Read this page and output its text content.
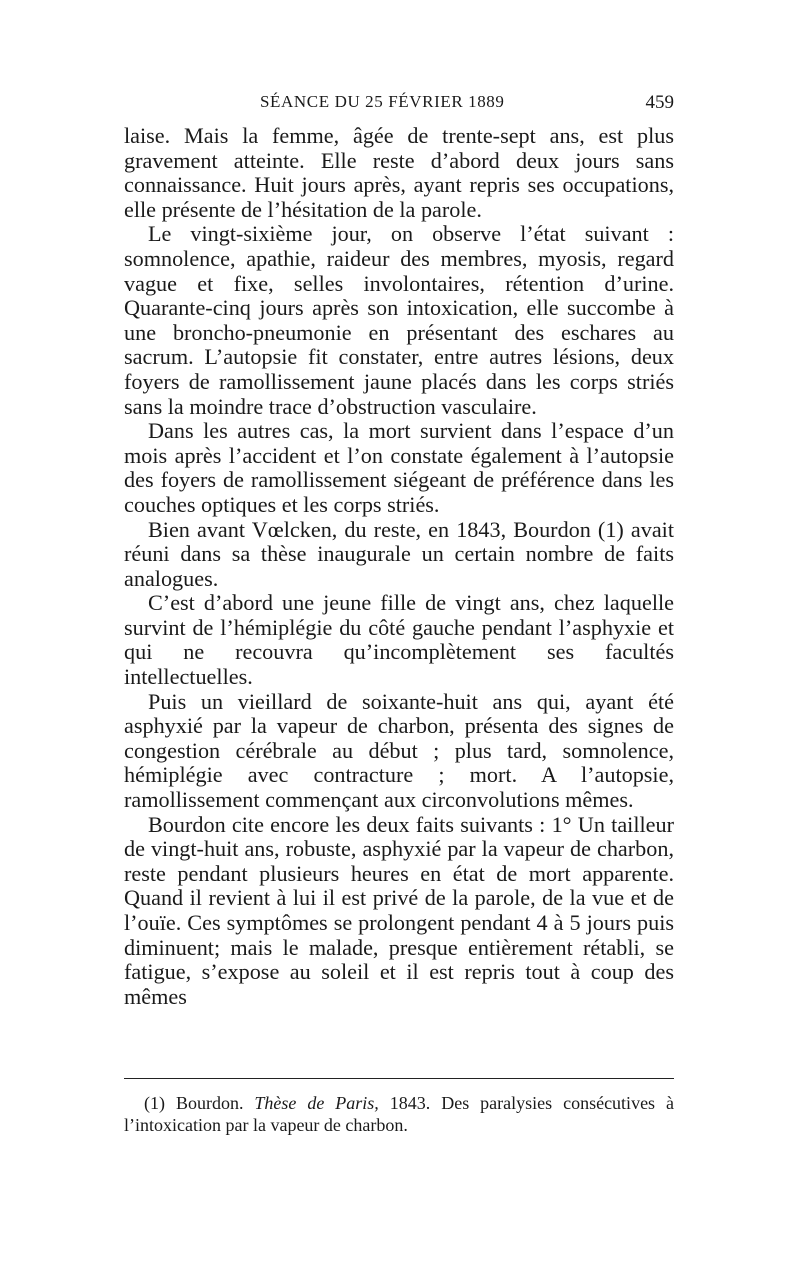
SÉANCE DU 25 FÉVRIER 1889	459

laise. Mais la femme, âgée de trente-sept ans, est plus gravement atteinte. Elle reste d’abord deux jours sans connaissance. Huit jours après, ayant repris ses occupations, elle présente de l’hésitation de la parole.

Le vingt-sixième jour, on observe l’état suivant : somnolence, apathie, raideur des membres, myosis, regard vague et fixe, selles involontaires, rétention d’urine. Quarante-cinq jours après son intoxication, elle succombe à une broncho-pneumonie en présentant des eschares au sacrum. L’autopsie fit constater, entre autres lésions, deux foyers de ramollissement jaune placés dans les corps striés sans la moindre trace d’obstruction vasculaire.

Dans les autres cas, la mort survient dans l’espace d’un mois après l’accident et l’on constate également à l’autopsie des foyers de ramollissement siégeant de préférence dans les couches optiques et les corps striés.

Bien avant Vœlcken, du reste, en 1843, Bourdon (1) avait réuni dans sa thèse inaugurale un certain nombre de faits analogues.

C’est d’abord une jeune fille de vingt ans, chez laquelle survint de l’hémiplégie du côté gauche pendant l’asphyxie et qui ne recouvra qu’incomplètement ses facultés intellectuelles.

Puis un vieillard de soixante-huit ans qui, ayant été asphyxié par la vapeur de charbon, présenta des signes de congestion cérébrale au début ; plus tard, somnolence, hémiplégie avec contracture ; mort. A l’autopsie, ramollissement commençant aux circonvolutions mêmes.

Bourdon cite encore les deux faits suivants : 1° Un tailleur de vingt-huit ans, robuste, asphyxié par la vapeur de charbon, reste pendant plusieurs heures en état de mort apparente. Quand il revient à lui il est privé de la parole, de la vue et de l’ouïe. Ces symptômes se prolongent pendant 4 à 5 jours puis diminuent; mais le malade, presque entièrement rétabli, se fatigue, s’expose au soleil et il est repris tout à coup des mêmes

(1) Bourdon. Thèse de Paris, 1843. Des paralysies consécutives à l’intoxication par la vapeur de charbon.
